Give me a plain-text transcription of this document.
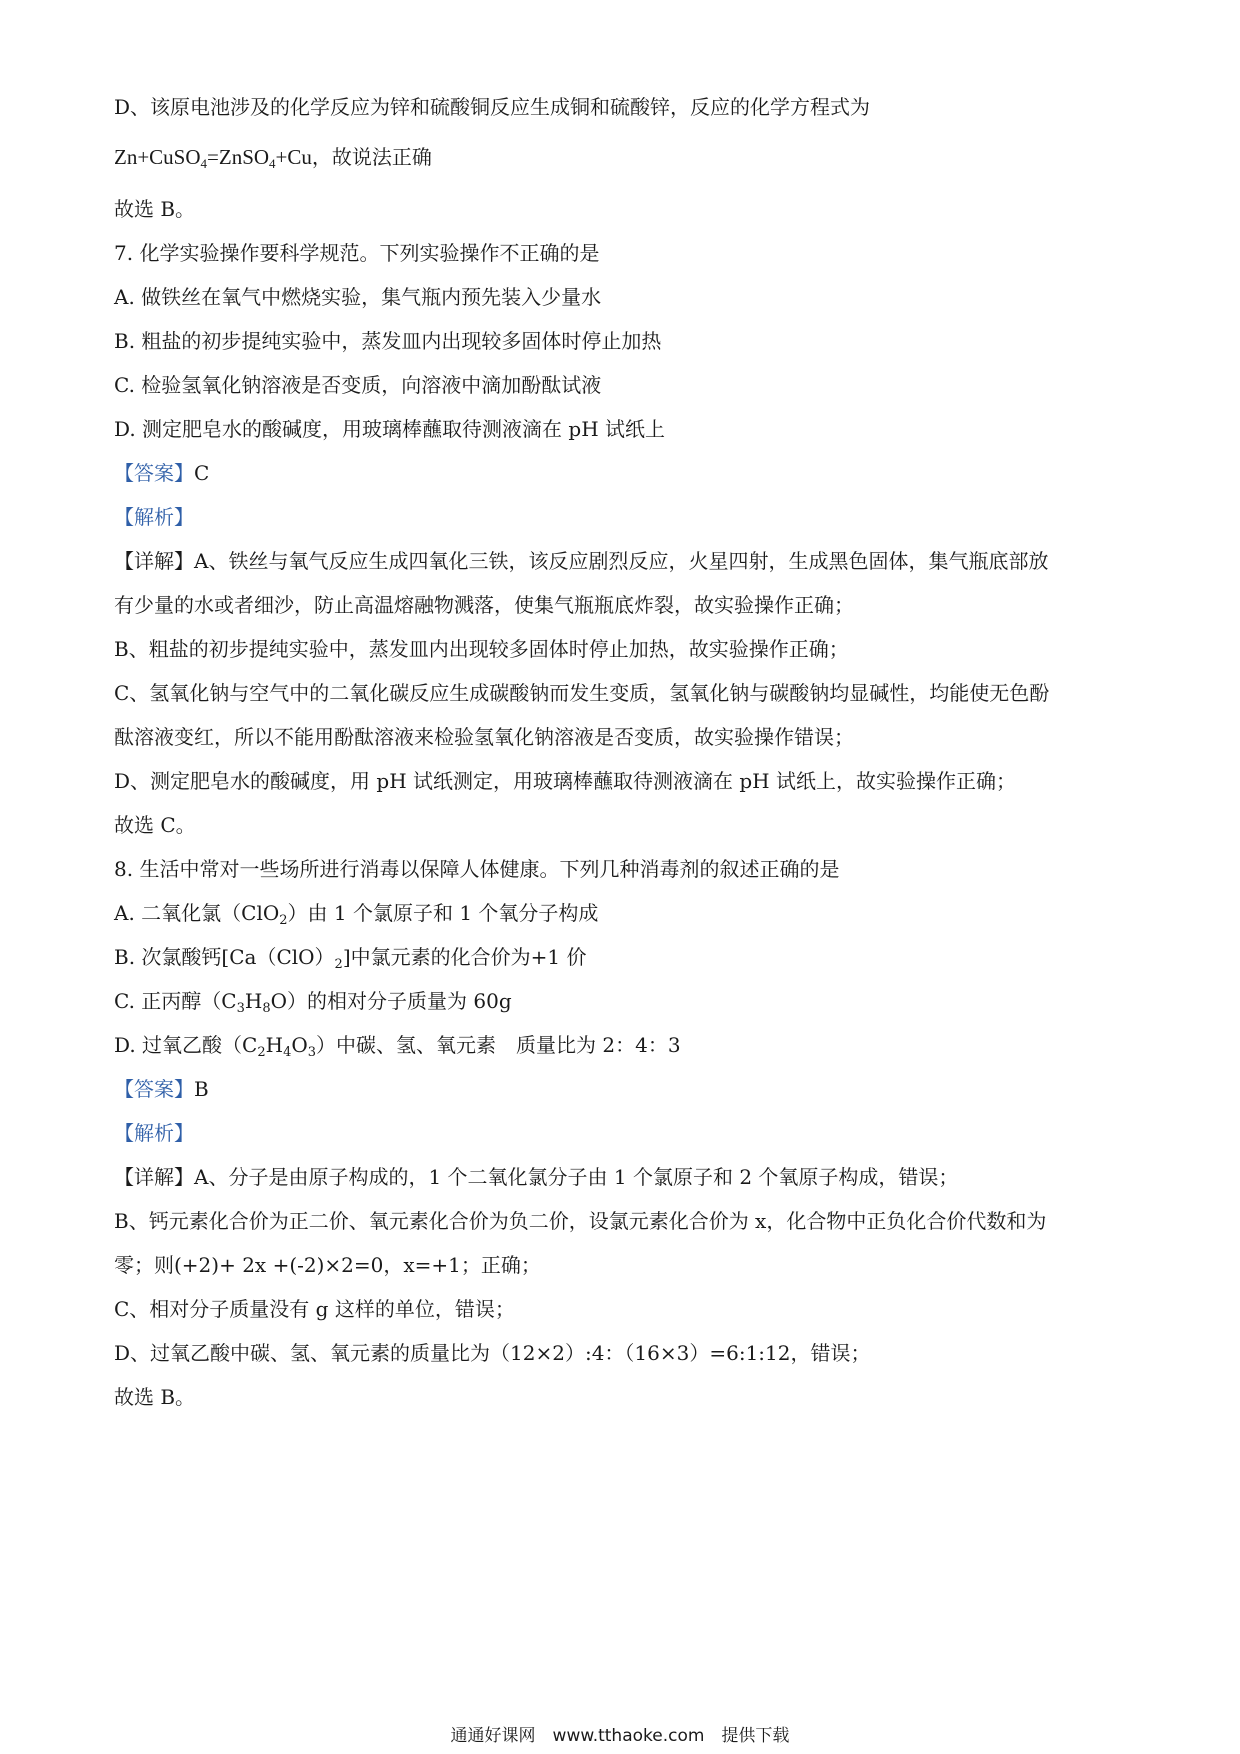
D、该原电池涉及的化学反应为锌和硫酸铜反应生成铜和硫酸锌，反应的化学方程式为
Zn+CuSO$_4$=ZnSO$_4$+Cu，故说法正确
故选 B。
7. 化学实验操作要科学规范。下列实验操作不正确的是
A. 做铁丝在氧气中燃烧实验，集气瓶内预先装入少量水
B. 粗盐的初步提纯实验中，蒸发皿内出现较多固体时停止加热
C. 检验氢氧化钠溶液是否变质，向溶液中滴加酚酞试液
D. 测定肥皂水的酸碱度，用玻璃棒蘸取待测液滴在 pH 试纸上
【答案】C
【解析】
【详解】A、铁丝与氧气反应生成四氧化三铁，该反应剧烈反应，火星四射，生成黑色固体，集气瓶底部放
有少量的水或者细沙，防止高温熔融物溅落，使集气瓶瓶底炸裂，故实验操作正确；
B、粗盐的初步提纯实验中，蒸发皿内出现较多固体时停止加热，故实验操作正确；
C、氢氧化钠与空气中的二氧化碳反应生成碳酸钠而发生变质，氢氧化钠与碳酸钠均显碱性，均能使无色酚
酞溶液变红，所以不能用酚酞溶液来检验氢氧化钠溶液是否变质，故实验操作错误；
D、测定肥皂水的酸碱度，用 pH 试纸测定，用玻璃棒蘸取待测液滴在 pH 试纸上，故实验操作正确；
故选 C。
8. 生活中常对一些场所进行消毒以保障人体健康。下列几种消毒剂的叙述正确的是
A. 二氧化氯（ClO$_2$）由 1 个氯原子和 1 个氧分子构成
B. 次氯酸钙$[Ca(ClO)_2]$中氯元素的化合价为+1 价
C. 正丙醇$(C_3H_8O)$的相对分子质量为 60g
D. 过氧乙酸$(C_2H_4O_3)$中碳、氢、氧元素　质量比为 2：4：3
【答案】B
【解析】
【详解】A、分子是由原子构成的，1 个二氧化氯分子由 1 个氯原子和 2 个氧原子构成，错误；
B、钙元素化合价为正二价、氧元素化合价为负二价，设氯元素化合价为 x，化合物中正负化合价代数和为
零；则(+2)+ 2x +(-2)×2=0，x=+1；正确；
C、相对分子质量没有 g 这样的单位，错误；
D、过氧乙酸中碳、氢、氧元素的质量比为（12×2）:4：（16×3）=6:1:12，错误；
故选 B。
通通好课网　www.tthaoke.com　提供下载
